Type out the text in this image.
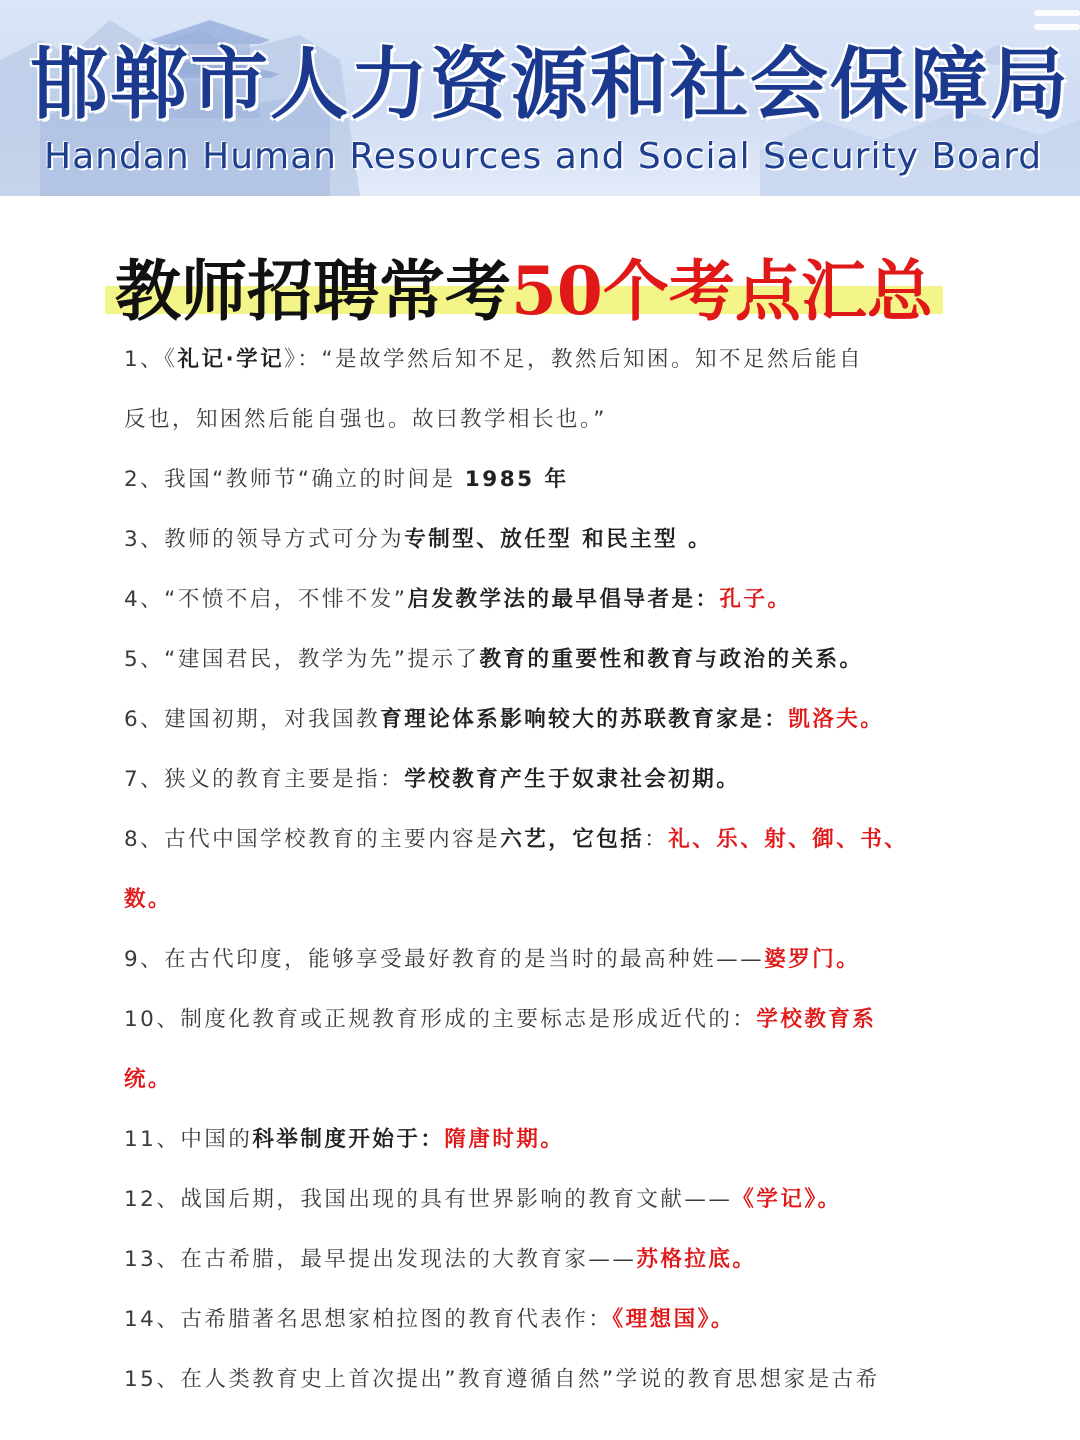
邯郸市人力资源和社会保障局
Handan Human Resources and Social Security Board
教师招聘常考50个考点汇总
1、《礼记·学记》：“是故学然后知不足，教然后知困。知不足然后能自
反也，知困然后能自强也。故曰教学相长也。”
2、我国“教师节“确立的时间是 1985 年
3、教师的领导方式可分为专制型、放任型 和民主型 。
4、“不愤不启，不悱不发”启发教学法的最早倡导者是：孔子。
5、“建国君民，教学为先”提示了教育的重要性和教育与政治的关系。
6、建国初期，对我国教育理论体系影响较大的苏联教育家是：凯洛夫。
7、狭义的教育主要是指：学校教育产生于奴隶社会初期。
8、古代中国学校教育的主要内容是六艺，它包括：礼、乐、射、御、书、
数。
9、在古代印度，能够享受最好教育的是当时的最高种姓——婆罗门。
10、制度化教育或正规教育形成的主要标志是形成近代的：学校教育系
统。
11、中国的科举制度开始于：隋唐时期。
12、战国后期，我国出现的具有世界影响的教育文献——《学记》。
13、在古希腊，最早提出发现法的大教育家——苏格拉底。
14、古希腊著名思想家柏拉图的教育代表作：《理想国》。
15、在人类教育史上首次提出”教育遵循自然”学说的教育思想家是古希
